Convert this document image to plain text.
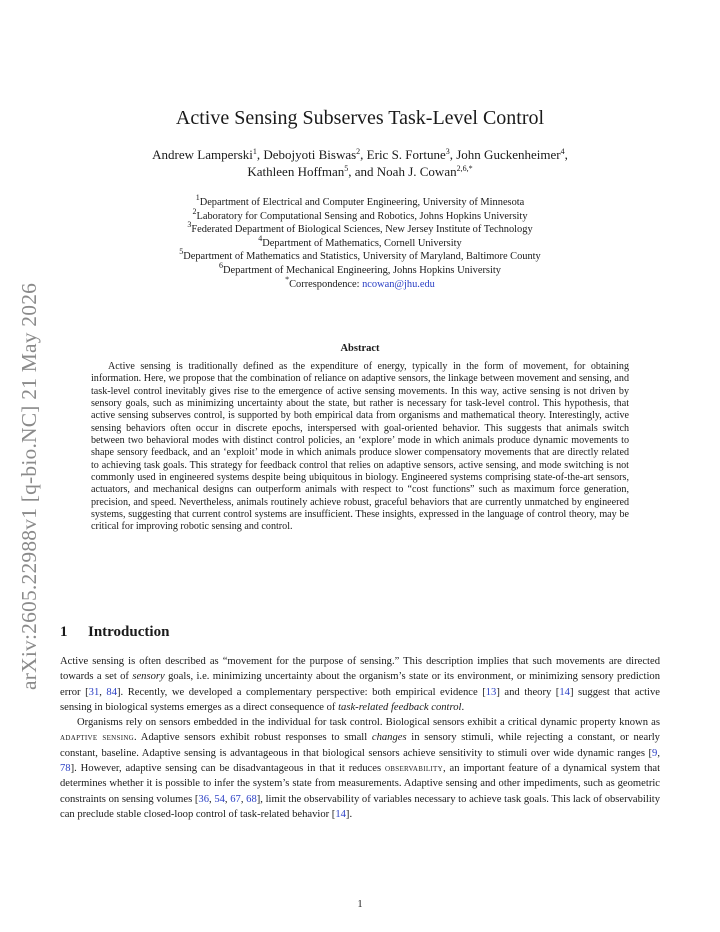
arXiv:2605.22988v1 [q-bio.NC] 21 May 2026
Active Sensing Subserves Task-Level Control
Andrew Lamperski$^1$, Debojyoti Biswas$^2$, Eric S. Fortune$^3$, John Guckenheimer$^4$,
Kathleen Hoffman$^5$, and Noah J. Cowan$^{2,6,*}$
$^1$Department of Electrical and Computer Engineering, University of Minnesota
$^2$Laboratory for Computational Sensing and Robotics, Johns Hopkins University
$^3$Federated Department of Biological Sciences, New Jersey Institute of Technology
$^4$Department of Mathematics, Cornell University
$^5$Department of Mathematics and Statistics, University of Maryland, Baltimore County
$^6$Department of Mechanical Engineering, Johns Hopkins University
*Correspondence: ncowan@jhu.edu
Abstract
Active sensing is traditionally defined as the expenditure of energy, typically in the form of movement, for obtaining information. Here, we propose that the combination of reliance on adaptive sensors, the linkage between movement and sensing, and task-level control inevitably gives rise to the emergence of active sensing movements. In this way, active sensing is not driven by sensory goals, such as minimizing uncertainty about the state, but rather is necessary for task-level control. This hypothesis, that active sensing subserves control, is supported by both empirical data from organisms and mathematical theory. Interestingly, active sensing behaviors often occur in discrete epochs, interspersed with goal-oriented behavior. This suggests that animals switch between two behavioral modes with distinct control policies, an ‘explore’ mode in which animals produce dynamic movements to shape sensory feedback, and an ‘exploit’ mode in which animals produce slower compensatory movements that are directly related to achieving task goals. This strategy for feedback control that relies on adaptive sensors, active sensing, and mode switching is not commonly used in engineered systems despite being ubiquitous in biology. Engineered systems comprising state-of-the-art sensors, actuators, and mechanical designs can outperform animals with respect to “cost functions” such as maximum force generation, precision, and speed. Nevertheless, animals routinely achieve robust, graceful behaviors that are currently unmatched by engineered systems, suggesting that current control systems are insufficient. These insights, expressed in the language of control theory, may be critical for improving robotic sensing and control.
1 Introduction

Active sensing is often described as “movement for the purpose of sensing.” This description implies that such movements are directed towards a set of sensory goals, i.e. minimizing uncertainty about the organism’s state or its environment, or minimizing sensory prediction error [31, 84]. Recently, we developed a complementary perspective: both empirical evidence [13] and theory [14] suggest that active sensing in biological systems emerges as a direct consequence of task-related feedback control.

Organisms rely on sensors embedded in the individual for task control. Biological sensors exhibit a critical dynamic property known as adaptive sensing. Adaptive sensors exhibit robust responses to small changes in sensory stimuli, while rejecting a constant, or nearly constant, baseline. Adaptive sensing is advantageous in that biological sensors achieve sensitivity to stimuli over wide dynamic ranges [9, 78]. However, adaptive sensing can be disadvantageous in that it reduces observability, an important feature of a dynamical system that determines whether it is possible to infer the system’s state from measurements. Adaptive sensing and other impediments, such as geometric constraints on sensing volumes [36, 54, 67, 68], limit the observability of variables necessary to achieve task goals. This lack of observability can preclude stable closed-loop control of task-related behavior [14].

1
